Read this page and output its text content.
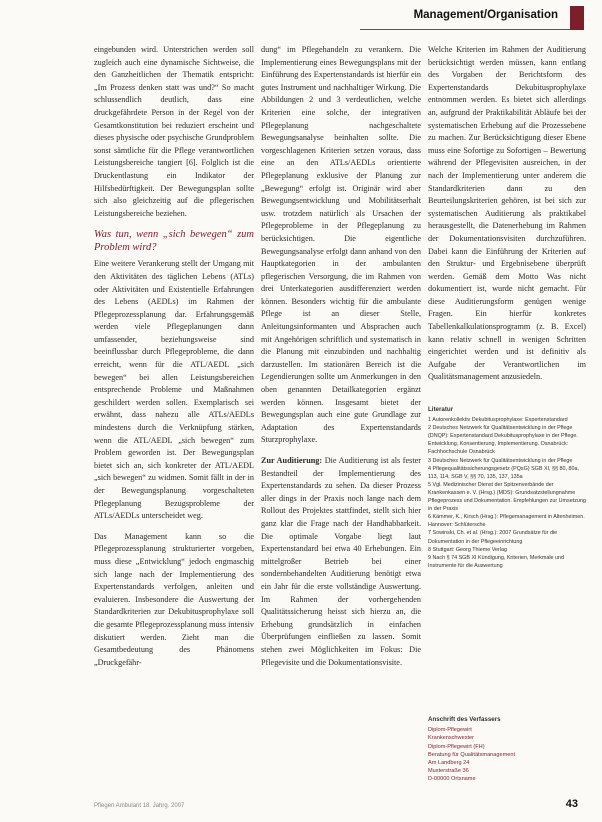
Management/Organisation

eingebunden wird. Unterstrichen werden soll zugleich auch eine dynamische Sichtweise, die den Ganzheitlichen der Thematik entspricht: „Im Prozess denken statt was und?“ So macht schlussendlich deutlich, dass eine druckgefährdete Person in der Regel von der Gesamtkonstitution bei reduziert erscheint und dieses physische oder psychische Grundproblem sonst sämtliche für die Pflege verantwortlichen Leistungsbereiche tangiert [6]. Folglich ist die Druckentlastung ein Indikator der Hilfsbedürftigkeit. Der Bewegungsplan sollte sich also gleichzeitig auf die pflegerischen Leistungsbereiche beziehen.

Was tun, wenn „sich bewegen“ zum Problem wird?

Eine weitere Verankerung stellt der Umgang mit den Aktivitäten des täglichen Lebens (ATLs) oder Aktivitäten und Existentielle Erfahrungen des Lebens (AEDLs) im Rahmen der Pflegeprozessplanung dar. Erfahrungsgemäß werden viele Pflegeplanungen dann umfassender, beziehungsweise sind beeinflussbar durch Pflegeprobleme, die dann erreicht, wenn für die ATL/AEDL „sich bewegen“ bei allen Leistungsbereichen entsprechende Probleme und Maßnahmen geschildert werden sollen. Exemplarisch sei erwähnt, dass nahezu alle ATLs/AEDLs mindestens durch die Verknüpfung stärken, wenn die ATL/AEDL „sich bewegen“ zum Problem geworden ist. Der Bewegungsplan bietet sich an, sich konkreter der ATL/AEDL „sich bewegen“ zu widmen. Somit fällt in der in der Bewegungsplanung vorgeschalteten Pflegeplanung Bezugsprobleme der ATLs/AEDLs unterscheidet weg.

Das Management kann so die Pflegeprozessplanung strukturierter vorgeben, muss diese „Entwicklung“ jedoch engmaschig sich lange nach der Implementierung des Expertenstandards verfolgen, anleiten und evaluieren. Insbesondere die Auswertung der Standardkriterien zur Dekubitusprophylaxe soll die gesamte Pflegeprozessplanung muss intensiv diskutiert werden. Zieht man die Gesamtbedeutung des Phänomens „Druckgefähr-

dung“ im Pflegehandeln zu verankern. Die Implementierung eines Bewegungsplans mit der Einführung des Expertenstandards ist hierfür ein gutes Instrument und nachhaltiger Wirkung. Die Abbildungen 2 und 3 verdeutlichen, welche Kriterien eine solche, der integrativen Pflegeplanung nachgeschaltete Bewegungsanalyse beinhalten sollte. Die vorgeschlagenen Kriterien setzen voraus, dass eine an den ATLs/AEDLs orientierte Pflegeplanung exklusive der Planung zur „Bewegung“ erfolgt ist. Originär wird aber Bewegungsentwicklung und Mobilitätserhalt usw. trotzdem natürlich als Ursachen der Pflegeprobleme in der Pflegeplanung zu berücksichtigen. Die eigentliche Bewegungsanalyse erfolgt dann anhand von den Hauptkategorien in der ambulanten pflegerischen Versorgung, die im Rahmen von drei Unterkategorien ausdifferenziert werden können. Besonders wichtig für die ambulante Pflege ist an dieser Stelle, Anleitungsinformanten und Absprachen auch mit Angehörigen schriftlich und systematisch in die Planung mit einzubinden und nachhaltig darzustellen. Im stationären Bereich ist die Legendierungen sollte um Anmerkungen in den oben genannten Detailkategorien ergänzt werden können. Insgesamt bietet der Bewegungsplan auch eine gute Grundlage zur Adaptation des Expertenstandards Sturzprophylaxe.

Zur Auditierung: Die Auditierung ist als fester Bestandteil der Implementierung des Expertenstandards zu sehen. Da dieser Prozess aller dings in der Praxis noch lange nach dem Rollout des Projektes stattfindet, stellt sich hier ganz klar die Frage nach der Handhabbarkeit. Die optimale Vorgabe liegt laut Expertenstandard bei etwa 40 Erhebungen. Ein mittelgroßer Betrieb bei einer sondernbehandelten Auditierung benötigt etwa ein Jahr für die erste vollständige Auswertung. Im Rahmen der vorhergehenden Qualitätssicherung heisst sich hierzu an, die Erhebung grundsätzlich in einfachen Überprüfungen einfließen zu lassen. Somit stehen zwei Möglichkeiten im Fokus: Die Pflegevisite und die Dokumentationsvisite.

Welche Kriterien im Rahmen der Auditierung berücksichtigt werden müssen, kann entlang des Vorgaben der Berichtsform des Expertenstandards Dekubitusprophylaxe entnommen werden. Es bietet sich allerdings an, aufgrund der Praktikabilität Abläufe bei der systematischen Erhebung auf die Prozessebene zu machen. Zur Berücksichtigung dieser Ebene muss eine Sofortige zu Sofortigen – Bewertung während der Pflegevisiten ausreichen, in der nach der Implementierung unter anderem die Standardkriterien dann zu den Beurteilungskriterien gehören, ist bei sich zur systematischen Auditierung als praktikabel herausgestellt, die Datenerhebung im Rahmen der Dokumentationsvisiten durchzuführen. Dabei kann die Einführung der Kriterien auf den Struktur- und Ergebnisebene überprüft werden. Gemäß dem Motto Was nicht dokumentiert ist, wurde nicht gemacht. Für diese Auditierungsform genügen wenige Fragen. Ein hierfür konkretes Tabellenkalkulationsprogramm (z. B. Excel) kann relativ schnell in wenigen Schritten eingerichtet werden und ist definitiv als Aufgabe der Verantwortlichen im Qualitätsmanagement anzusiedeln.

Literatur

1 Autorenkollektiv Dekubitusprophylaxe: Expertenstandard

2 Deutsches Netzwerk für Qualitätsentwicklung in der Pflege (DNQP): Expertenstandard Dekubitusprophylaxe in der Pflege. Entwicklung, Konsentierung, Implementierung. Osnabrück: Fachhochschule Osnabrück

3 Deutsches Netzwerk für Qualitätsentwicklung in der Pflege

4 Pflegequalitätssicherungsgesetz (PQsG) SGB XI, §§ 80, 80a, 113, 114, SGB V, §§ 70, 135, 137, 135a

5 Vgl. Medizinischer Dienst der Spitzenverbände der Krankenkassen e. V. (Hrsg.) (MDS): Grundsatzstellungnahme Pflegeprozess und Dokumentation. Empfehlungen zur Umsetzung in der Praxis

6 Kämmer, K., Kirsch (Hrsg.): Pflegemanagement in Altenheimen. Hannover: Schlütersche

7 Sowinski, Ch. et al. (Hrsg.): 2007 Grundsätze für die Dokumentation in der Pflegeeinrichtung

8 Stuttgart: Georg Thieme Verlag

9 Nach § 74 SGB XI Kündigung, Kriterien, Merkmale und Instrumente für die Auswertung

Anschrift des Verfassers
Diplom-Pflegewirt
Krankenschwester
Diplom-Pflegewirt (FH)
Beratung für Qualitätsmanagement
Am Landberg 24
Musterstraße 36
D-00000 Ortsname
Pflegen Ambulant 18. Jahrg. 2007	43
